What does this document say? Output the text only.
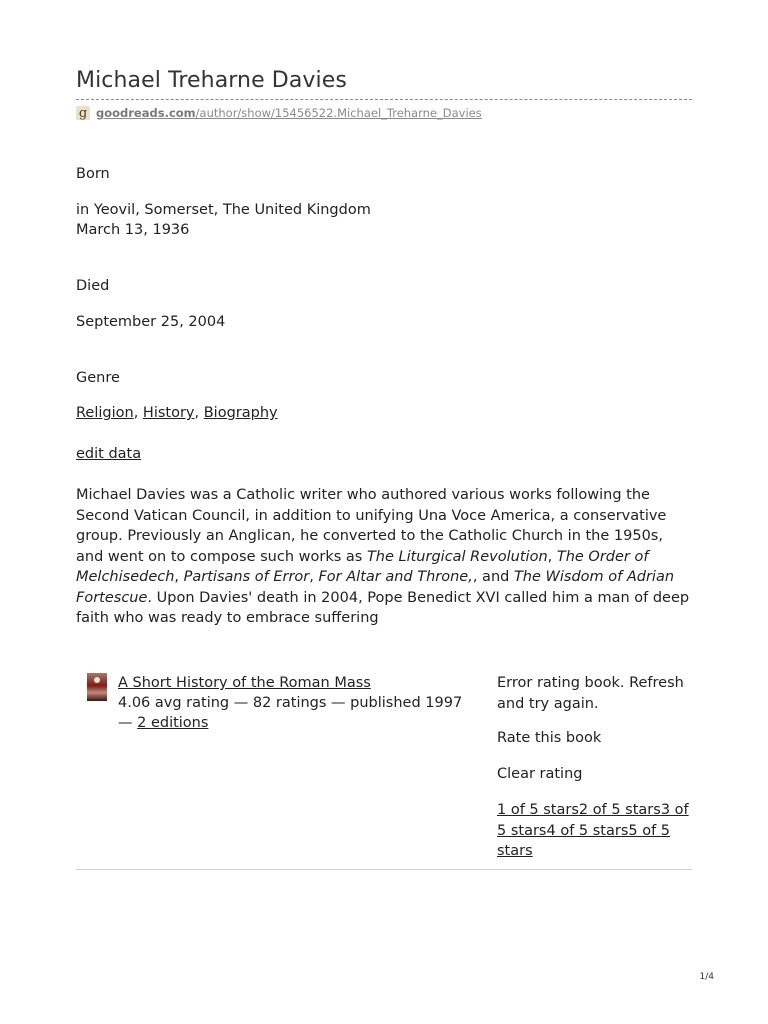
Michael Treharne Davies
g goodreads.com/author/show/15456522.Michael_Treharne_Davies
Born
in Yeovil, Somerset, The United Kingdom
March 13, 1936
Died
September 25, 2004
Genre
Religion, History, Biography
edit data
Michael Davies was a Catholic writer who authored various works following the Second Vatican Council, in addition to unifying Una Voce America, a conservative group. Previously an Anglican, he converted to the Catholic Church in the 1950s, and went on to compose such works as The Liturgical Revolution, The Order of Melchisedech, Partisans of Error, For Altar and Throne,, and The Wisdom of Adrian Fortescue. Upon Davies' death in 2004, Pope Benedict XVI called him a man of deep faith who was ready to embrace suffering
A Short History of the Roman Mass
4.06 avg rating — 82 ratings — published 1997
— 2 editions
Error rating book. Refresh and try again.
Rate this book
Clear rating
1 of 5 stars2 of 5 stars3 of 5 stars4 of 5 stars5 of 5 stars
1/4
